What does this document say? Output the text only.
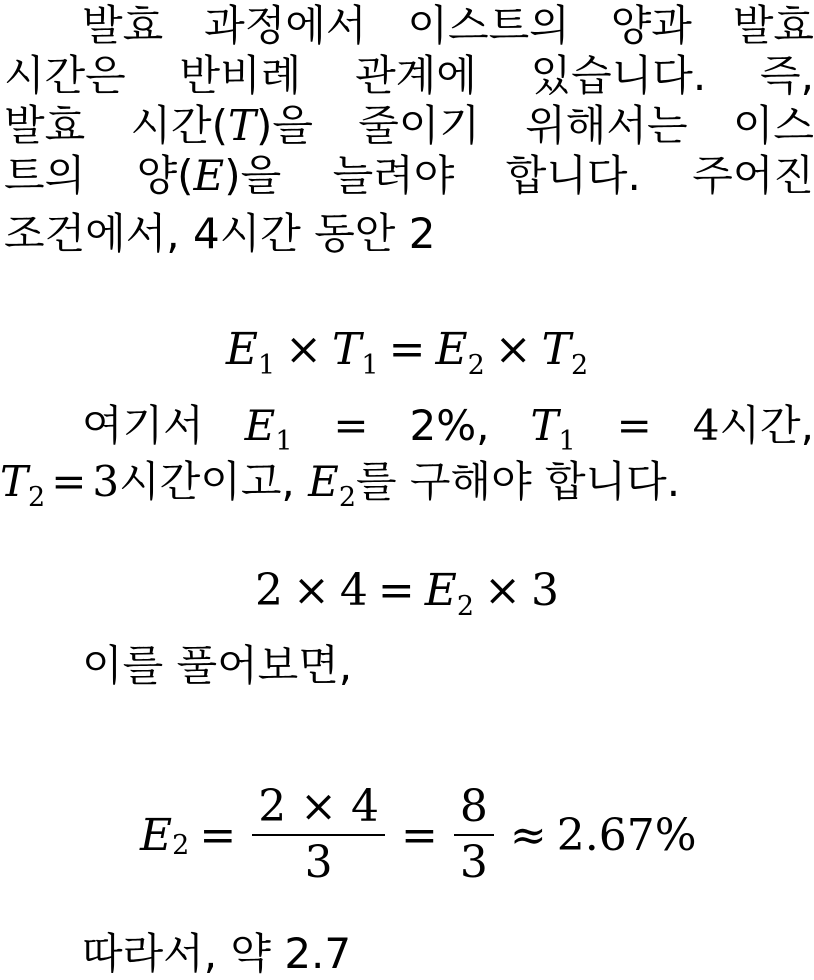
발효 과정에서 이스트의 양과 발효
시간은 반비례 관계에 있습니다. 즉,
발효 시간(T)을 줄이기 위해서는 이스
트의 양(E)을 늘려야 합니다. 주어진
조건에서, 4시간 동안 2
$E_1 \times T_1 = E_2 \times T_2$
여기서 $E_1 = 2\%$, $T_1 = 4$시간,
$T_2 = 3$시간이고, $E_2$를 구해야 합니다.
$2 \times 4 = E_2 \times 3$
이를 풀어보면,
E $2 = \frac{2 \times 4}{3} = \frac{8}{3} \approx 2.67\%$
따라서, 약 2.7
